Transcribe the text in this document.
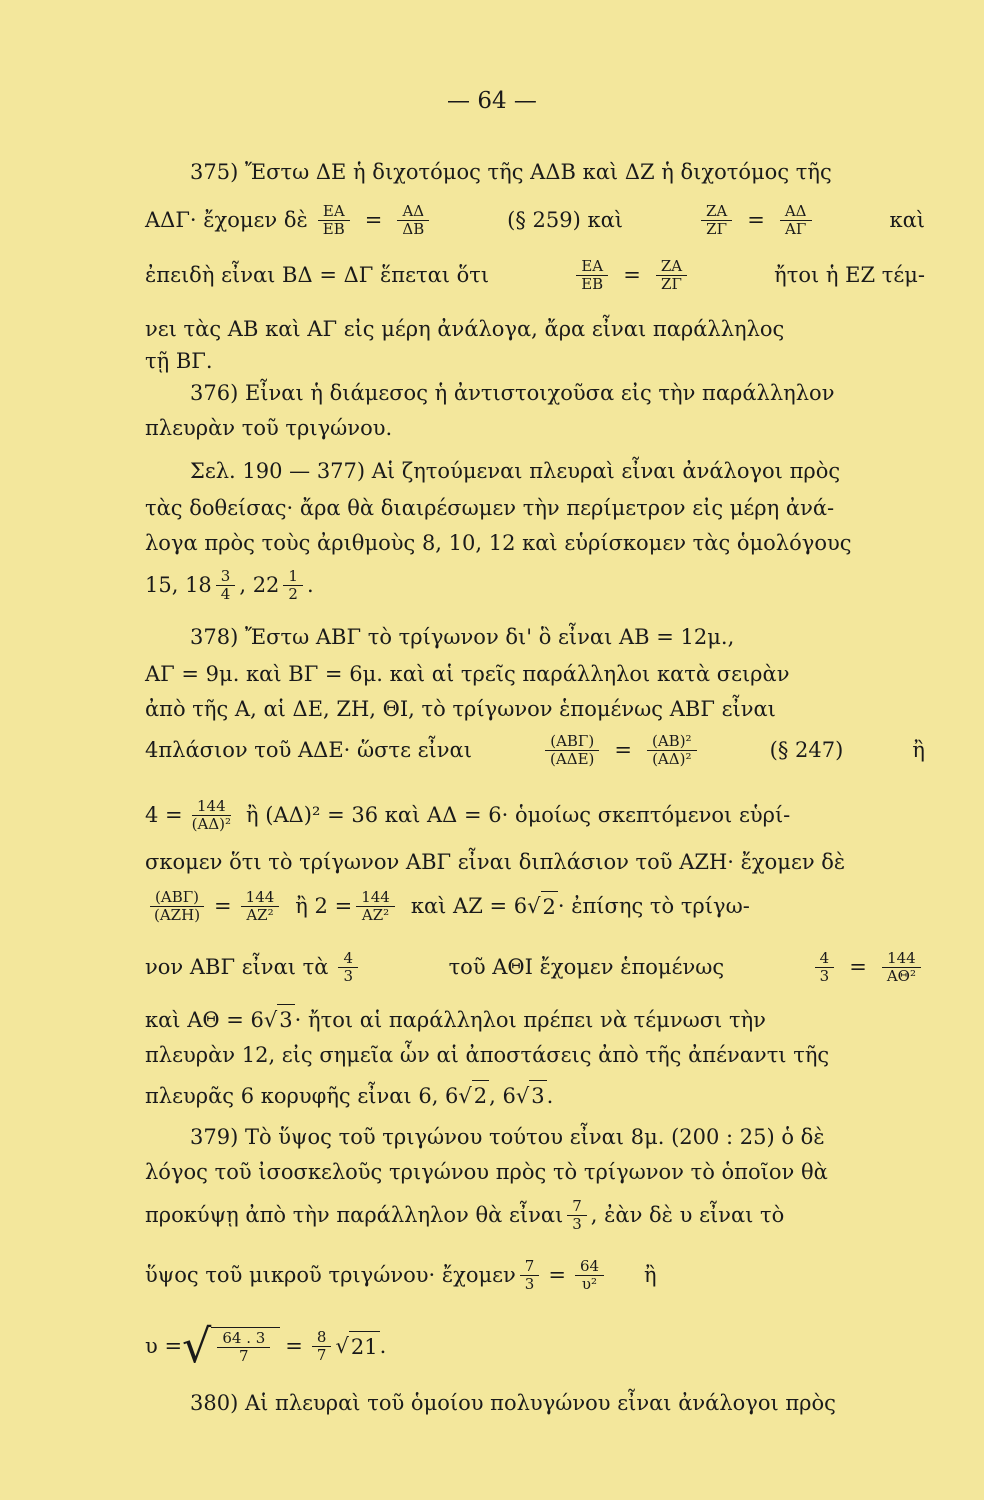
— 64 —
375) Ἔστω ΔΕ ἡ διχοτόμος τῆς ΑΔΒ καὶ ΔΖ ἡ διχοτόμος τῆς
ΑΔΓ· ἔχομεν δὲ $\frac{EA}{EB} = \frac{A\Delta}{\Delta B}$	(§ 259) καὶ	$\frac{ZA}{Z\Gamma} = \frac{A\Delta}{A\Gamma}$	καὶ
ἐπειδὴ εἶναι ΒΔ = ΔΓ ἕπεται ὅτι	$\frac{EA}{EB} = \frac{ZA}{Z\Gamma}$	ἤτοι ἡ ΕΖ τέμ-
νει τὰς ΑΒ καὶ ΑΓ εἰς μέρη ἀνάλογα, ἄρα εἶναι παράλληλος
τῇ ΒΓ.
376) Εἶναι ἡ διάμεσος ἡ ἀντιστοιχοῦσα εἰς τὴν παράλληλον
πλευρὰν τοῦ τριγώνου.
Σελ. 190 — 377) Αἱ ζητούμεναι πλευραὶ εἶναι ἀνάλογοι πρὸς
τὰς δοθείσας· ἄρα θὰ διαιρέσωμεν τὴν περίμετρον εἰς μέρη ἀνά-
λογα πρὸς τοὺς ἀριθμοὺς 8, 10, 12 καὶ εὑρίσκομεν τὰς ὁμολόγους
15, $18 \frac{3}{4}$ , $22 \frac{1}{2}$ .
378) Ἔστω ΑΒΓ τὸ τρίγωνον δι' ὃ εἶναι ΑΒ = 12μ.,
ΑΓ = 9μ. καὶ ΒΓ = 6μ. καὶ αἱ τρεῖς παράλληλοι κατὰ σειρὰν
ἀπὸ τῆς Α, αἱ ΔΕ, ΖΗ, ΘΙ, τὸ τρίγωνον ἑπομένως ΑΒΓ εἶναι
4πλάσιον τοῦ ΑΔΕ· ὥστε εἶναι	$\frac{\text{(ΑΒΓ)}}{\text{(ΑΔΕ)}} = \frac{\text{(ΑΒ)²}}{\text{(ΑΔ)²}}$	(§ 247)	ἢ
$4 = \frac{144}{\text{(ΑΔ)²}}$ ἢ (ΑΔ)² = 36 καὶ ΑΔ = 6· ὁμοίως σκεπτόμενοι εὑρί-
σκομεν ὅτι τὸ τρίγωνον ΑΒΓ εἶναι διπλάσιον τοῦ ΑΖΗ· ἔχομεν δὲ
$\frac{\text{(ΑΒΓ)}}{\text{(ΑΖΗ)}} = \frac{144}{\text{ΑΖ²}}$ ἢ $2 = \frac{144}{\text{ΑΖ²}}$ καὶ ΑΖ = 6 √ 2 · ἐπίσης τὸ τρίγω-
νον ΑΒΓ εἶναι τὰ $\frac{4}{3}$	τοῦ ΑΘΙ ἔχομεν ἑπομένως	$\frac{4}{3} = \frac{144}{\text{ΑΘ²}}$
καὶ ΑΘ = 6 √ 3 · ἤτοι αἱ παράλληλοι πρέπει νὰ τέμνωσι τὴν
πλευρὰν 12, εἰς σημεῖα ὧν αἱ ἀποστάσεις ἀπὸ τῆς ἀπέναντι τῆς
πλευρᾶς 6 κορυφῆς εἶναι 6, 6 √ 2 , 6 √ 3 .
379) Τὸ ὕψος τοῦ τριγώνου τούτου εἶναι 8μ. (200 : 25) ὁ δὲ
λόγος τοῦ ἰσοσκελοῦς τριγώνου πρὸς τὸ τρίγωνον τὸ ὁποῖον θὰ
προκύψῃ ἀπὸ τὴν παράλληλον θὰ εἶναι $\frac{7}{3}$ , ἐὰν δὲ υ εἶναι τὸ
ὕψος τοῦ μικροῦ τριγώνου· ἔχομεν $\frac{7}{3} = \frac{64}{\text{υ²}}$ ἢ
υ = √ $\frac{64 . 3}{7} = \frac{8}{7}$ √ 21 .
380) Αἱ πλευραὶ τοῦ ὁμοίου πολυγώνου εἶναι ἀνάλογοι πρὸς
